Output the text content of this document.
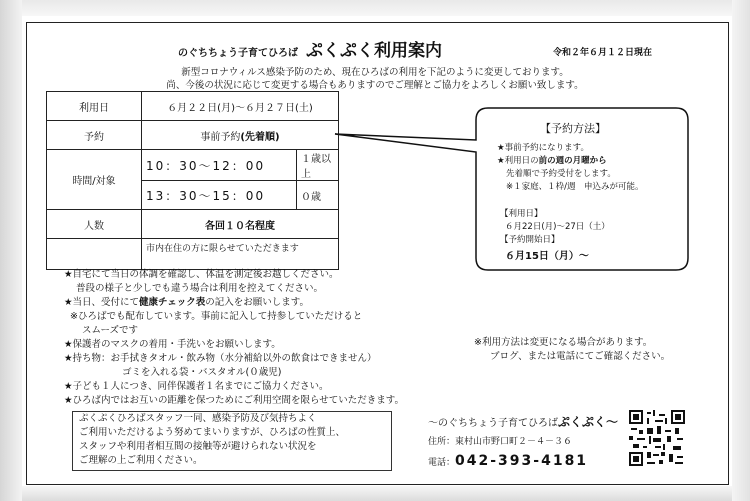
のぐちちょう子育てひろば ぷくぷく利用案内	令和２年６月１２日現在
新型コロナウィルス感染予防のため、現在ひろばの利用を下記のように変更しております。
尚、今後の状況に応じて変更する場合もありますのでご理解とご協力をよろしくお願い致します。
利用日	６月２２日(月)～６月２７日(土)	
予約	事前予約(先着順)	
時間/対象	10：30～12：00	１歳以上
	13：30～15：00	０歳
人数	各回１０名程度	
	市内在住の方に限らせていただきます	
【予約方法】
★事前予約になります。
★利用日の前の週の月曜から
先着順で予約受付をします。
※１家庭、１枠/週　申込みが可能。
【利用日】
６月22日(月)～27日（土）
【予約開始日】
６月15日（月）～
★自宅にて当日の体調を確認し、体温を測定後お越しください。
普段の様子と少しでも違う場合は利用を控えてください。
★当日、受付にて健康チェック表の記入をお願いします。
※ひろばでも配布しています。事前に記入して持参していただけると
スムーズです
★保護者のマスクの着用・手洗いをお願いします。
★持ち物：お手拭きタオル・飲み物（水分補給以外の飲食はできません）
ゴミを入れる袋・バスタオル(０歳児)
★子ども１人につき、同伴保護者１名までにご協力ください。
★ひろば内ではお互いの距離を保つためにご利用空間を限らせていただきます。
※利用方法は変更になる場合があります。
ブログ、または電話にてご確認ください。
ぷくぷくひろばスタッフ一同、感染予防及び気持ちよく
ご利用いただけるよう努めてまいりますが、ひろばの性質上、
スタッフや利用者相互間の接触等が避けられない状況を
ご理解の上ご利用ください。
～のぐちちょう子育てひろばぷくぷく～
住所：東村山市野口町２－４－３６
電話：042-393-4181
